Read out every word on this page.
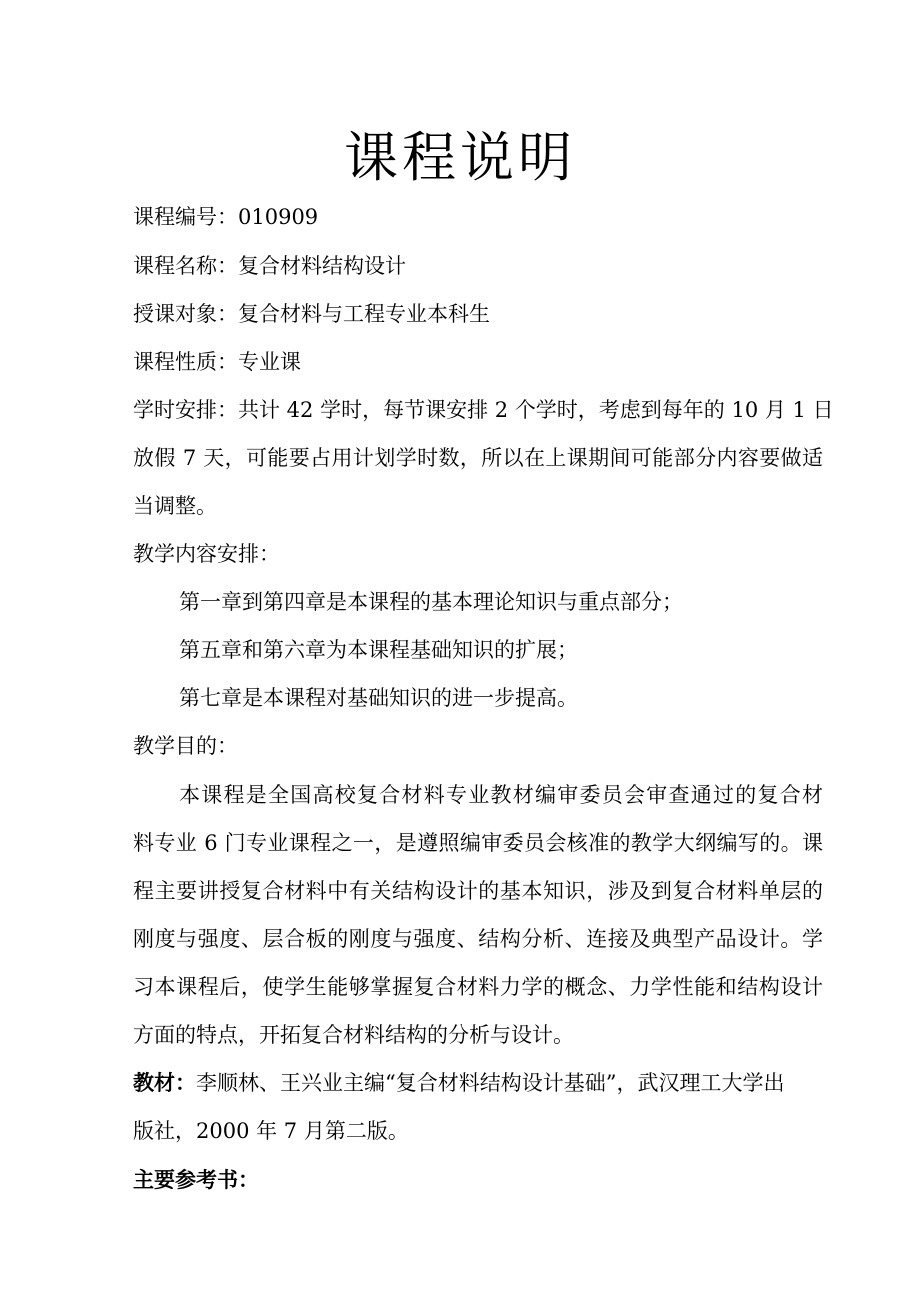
课程说明
课程编号：010909
课程名称：复合材料结构设计
授课对象：复合材料与工程专业本科生
课程性质：专业课
学时安排：共计 42 学时，每节课安排 2 个学时，考虑到每年的 10 月 1 日
放假 7 天，可能要占用计划学时数，所以在上课期间可能部分内容要做适
当调整。
教学内容安排：
第一章到第四章是本课程的基本理论知识与重点部分；
第五章和第六章为本课程基础知识的扩展；
第七章是本课程对基础知识的进一步提高。
教学目的：
本课程是全国高校复合材料专业教材编审委员会审查通过的复合材
料专业 6 门专业课程之一，是遵照编审委员会核准的教学大纲编写的。课
程主要讲授复合材料中有关结构设计的基本知识，涉及到复合材料单层的
刚度与强度、层合板的刚度与强度、结构分析、连接及典型产品设计。学
习本课程后，使学生能够掌握复合材料力学的概念、力学性能和结构设计
方面的特点，开拓复合材料结构的分析与设计。
教材：李顺林、王兴业主编“复合材料结构设计基础”，武汉理工大学出
版社，2000 年 7 月第二版。
主要参考书：
